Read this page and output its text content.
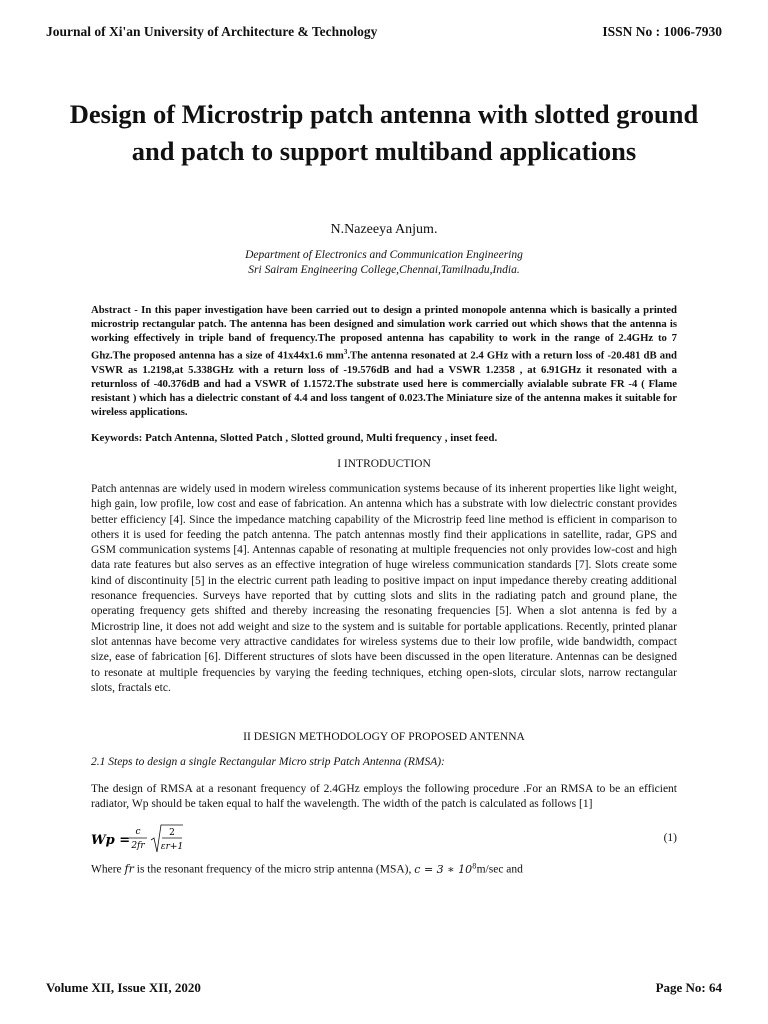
Journal of Xi'an University of Architecture & Technology	ISSN No : 1006-7930
Design of Microstrip patch antenna with slotted ground and patch to support multiband applications
N.Nazeeya Anjum.
Department of Electronics and Communication Engineering
Sri Sairam Engineering College,Chennai,Tamilnadu,India.
Abstract - In this paper investigation have been carried out to design a printed monopole antenna which is basically a printed microstrip rectangular patch. The antenna has been designed and simulation work carried out which shows that the antenna is working effectively in triple band of frequency.The proposed antenna has capability to work in the range of 2.4GHz to 7 Ghz.The proposed antenna has a size of 41x44x1.6 $mm^3.The$ antenna resonated at 2.4 GHz with a return loss of -20.481 dB and VSWR as 1.2198,at 5.338GHz with a return loss of -19.576dB and had a VSWR 1.2358 , at 6.91GHz it resonated with a returnloss of -40.376dB and had a VSWR of 1.1572.The substrate used here is commercially avialable subrate FR -4 ( Flame resistant ) which has a dielectric constant of 4.4 and loss tangent of 0.023.The Miniature size of the antenna makes it suitable for wireless applications.
Keywords: Patch Antenna, Slotted Patch , Slotted ground, Multi frequency , inset feed.
I INTRODUCTION
Patch antennas are widely used in modern wireless communication systems because of its inherent properties like light weight, high gain, low profile, low cost and ease of fabrication. An antenna which has a substrate with low dielectric constant provides better efficiency [4]. Since the impedance matching capability of the Microstrip feed line method is efficient in comparison to others it is used for feeding the patch antenna. The patch antennas mostly find their applications in satellite, radar, GPS and GSM communication systems [4]. Antennas capable of resonating at multiple frequencies not only provides low-cost and high data rate features but also serves as an effective integration of huge wireless communication standards [7]. Slots create some kind of discontinuity [5] in the electric current path leading to positive impact on input impedance thereby creating additional resonance frequencies. Surveys have reported that by cutting slots and slits in the radiating patch and ground plane, the operating frequency gets shifted and thereby increasing the resonating frequencies [5]. When a slot antenna is fed by a Microstrip line, it does not add weight and size to the system and is suitable for portable applications. Recently, printed planar slot antennas have become very attractive candidates for wireless systems due to their low profile, wide bandwidth, compact size, ease of fabrication [6]. Different structures of slots have been discussed in the open literature. Antennas can be designed to resonate at multiple frequencies by varying the feeding techniques, etching open-slots, circular slots, narrow rectangular slots, fractals etc.
II DESIGN METHODOLOGY OF PROPOSED ANTENNA
2.1 Steps to design a single Rectangular Micro strip Patch Antenna (RMSA):
The design of RMSA at a resonant frequency of 2.4GHz employs the following procedure .For an RMSA to be an efficient radiator, Wp should be taken equal to half the wavelength. The width of the patch is calculated as follows [1]
Wp =
c
2fr
2
εr+1
(1)
Where fr is the resonant frequency of the micro strip antenna (MSA), c = 3 ∗ $10^8m/\sec$ and
Volume XII, Issue XII, 2020	Page No: 64
